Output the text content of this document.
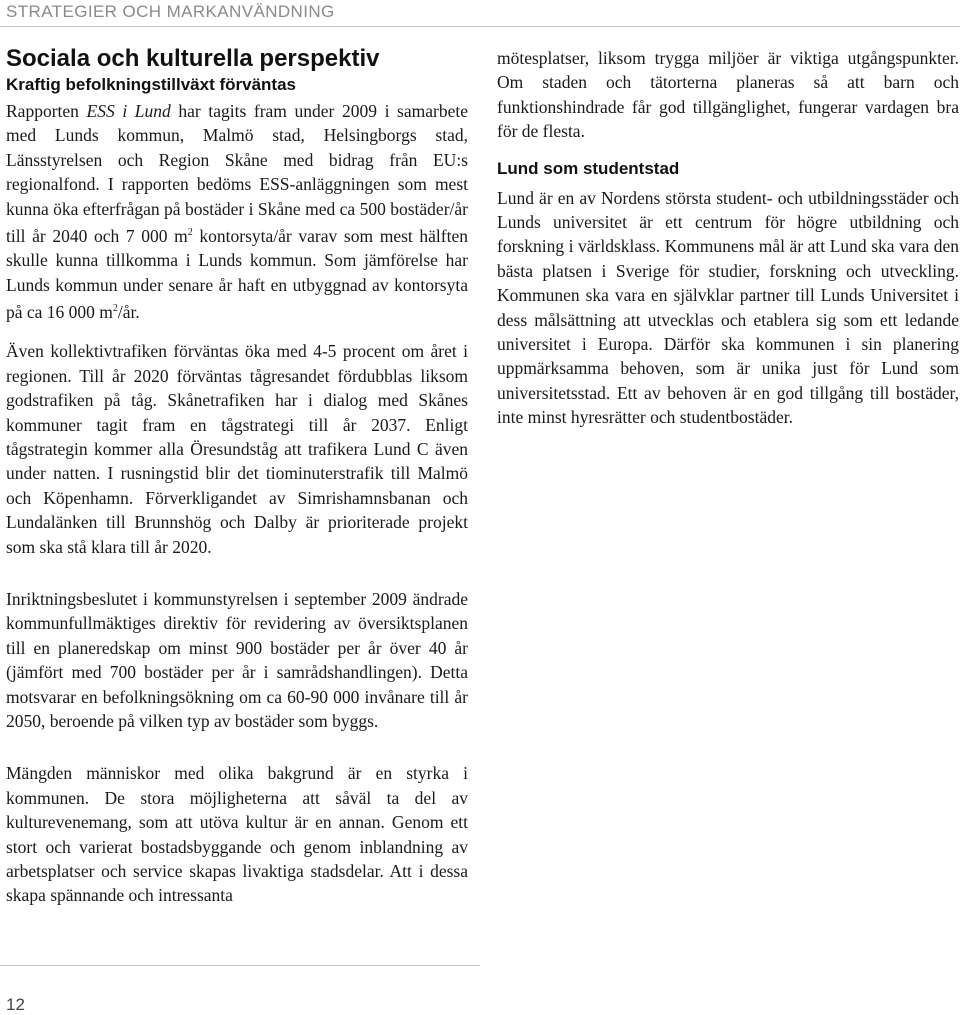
STRATEGIER OCH MARKANVÄNDNING
Sociala och kulturella perspektiv
Kraftig befolkningstillväxt förväntas

Rapporten ESS i Lund har tagits fram under 2009 i samarbete med Lunds kommun, Malmö stad, Helsingborgs stad, Länsstyrelsen och Region Skåne med bidrag från EU:s regionalfond. I rapporten bedöms ESS-anläggningen som mest kunna öka efterfrågan på bostäder i Skåne med ca 500 bostäder/år till år 2040 och 7 000 $m^2$ kontorsyta/år varav som mest hälften skulle kunna tillkomma i Lunds kommun. Som jämförelse har Lunds kommun under senare år haft en utbyggnad av kontorsyta på ca 16 000 $m^2/år$.

Även kollektivtrafiken förväntas öka med 4-5 procent om året i regionen. Till år 2020 förväntas tågresandet fördubblas liksom godstrafiken på tåg. Skånetrafiken har i dialog med Skånes kommuner tagit fram en tågstrategi till år 2037. Enligt tågstrategin kommer alla Öresundståg att trafikera Lund C även under natten. I rusningstid blir det tiominuterstrafik till Malmö och Köpenhamn. Förverkligandet av Simrishamnsbanan och Lundalänken till Brunnshög och Dalby är prioriterade projekt som ska stå klara till år 2020.

Inriktningsbeslutet i kommunstyrelsen i september 2009 ändrade kommunfullmäktiges direktiv för revidering av översiktsplanen till en planeredskap om minst 900 bostäder per år över 40 år (jämfört med 700 bostäder per år i samrådshandlingen). Detta motsvarar en befolkningsökning om ca 60-90 000 invånare till år 2050, beroende på vilken typ av bostäder som byggs.

Mängden människor med olika bakgrund är en styrka i kommunen. De stora möjligheterna att såväl ta del av kulturevenemang, som att utöva kultur är en annan. Genom ett stort och varierat bostadsbyggande och genom inblandning av arbetsplatser och service skapas livaktiga stadsdelar. Att i dessa skapa spännande och intressanta

mötesplatser, liksom trygga miljöer är viktiga utgångspunkter. Om staden och tätorterna planeras så att barn och funktionshindrade får god tillgänglighet, fungerar vardagen bra för de flesta.

Lund som studentstad

Lund är en av Nordens största student- och utbildningsstäder och Lunds universitet är ett centrum för högre utbildning och forskning i världsklass. Kommunens mål är att Lund ska vara den bästa platsen i Sverige för studier, forskning och utveckling. Kommunen ska vara en självklar partner till Lunds Universitet i dess målsättning att utvecklas och etablera sig som ett ledande universitet i Europa. Därför ska kommunen i sin planering uppmärksamma behoven, som är unika just för Lund som universitetsstad. Ett av behoven är en god tillgång till bostäder, inte minst hyresrätter och studentbostäder.

12
